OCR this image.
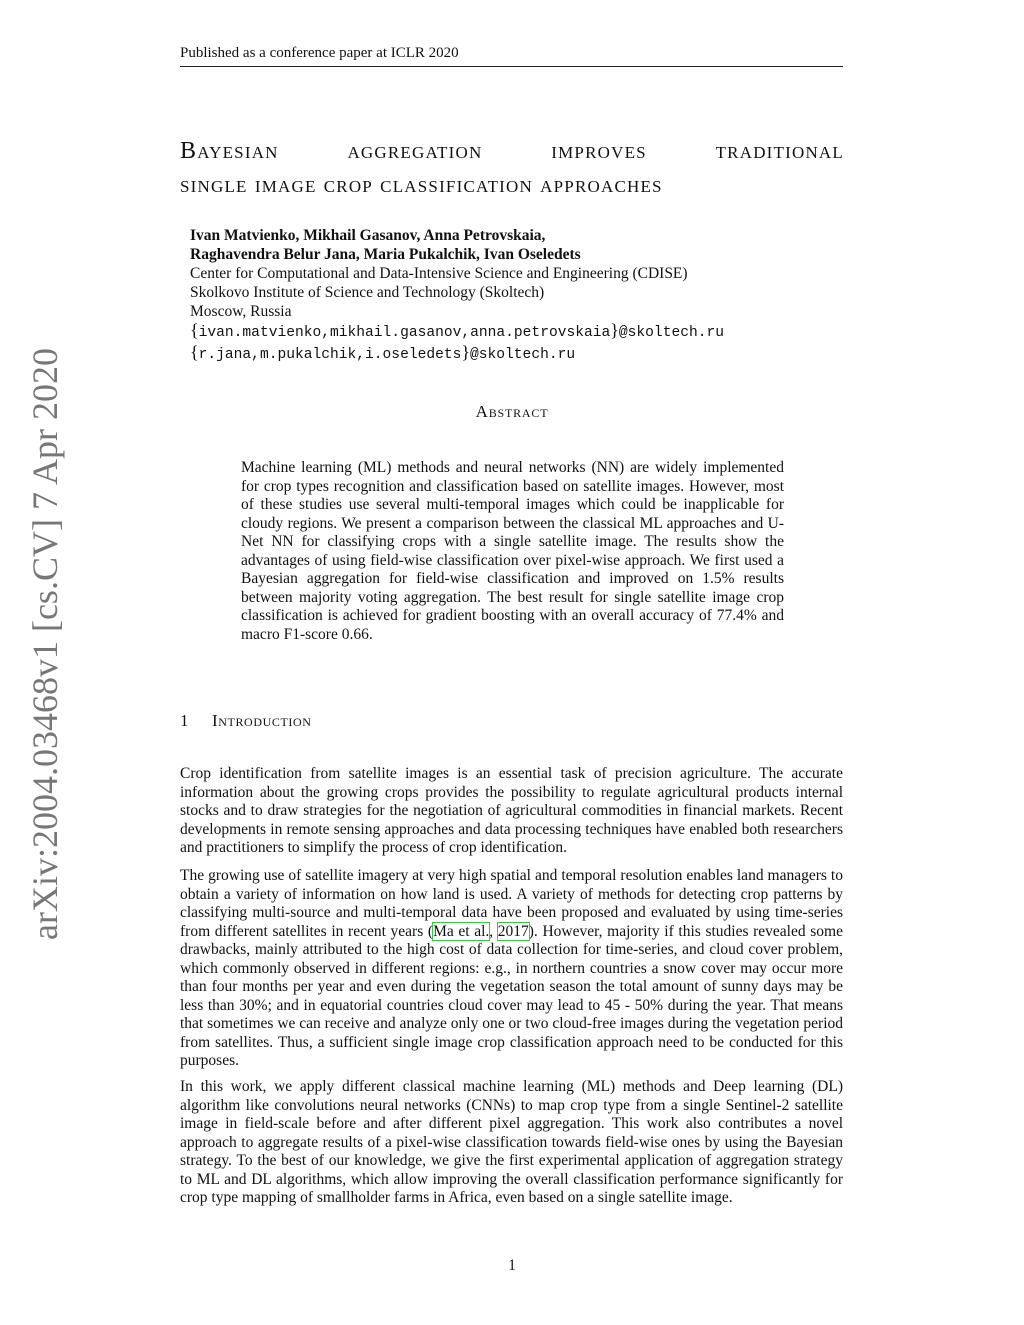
Published as a conference paper at ICLR 2020
arXiv:2004.03468v1 [cs.CV] 7 Apr 2020
Bayesian aggregation improves traditional
single image crop classification approaches
Ivan Matvienko, Mikhail Gasanov, Anna Petrovskaia,
Raghavendra Belur Jana, Maria Pukalchik, Ivan Oseledets
Center for Computational and Data-Intensive Science and Engineering (CDISE)
Skolkovo Institute of Science and Technology (Skoltech)
Moscow, Russia
{ivan.matvienko,mikhail.gasanov,anna.petrovskaia}@skoltech.ru
{r.jana,m.pukalchik,i.oseledets}@skoltech.ru
Abstract
Machine learning (ML) methods and neural networks (NN) are widely implemented for crop types recognition and classification based on satellite images. However, most of these studies use several multi-temporal images which could be inapplicable for cloudy regions. We present a comparison between the classical ML approaches and U-Net NN for classifying crops with a single satellite image. The results show the advantages of using field-wise classification over pixel-wise approach. We first used a Bayesian aggregation for field-wise classification and improved on 1.5% results between majority voting aggregation. The best result for single satellite image crop classification is achieved for gradient boosting with an overall accuracy of 77.4% and macro F1-score 0.66.
1 Introduction
Crop identification from satellite images is an essential task of precision agriculture. The accurate information about the growing crops provides the possibility to regulate agricultural products internal stocks and to draw strategies for the negotiation of agricultural commodities in financial markets. Recent developments in remote sensing approaches and data processing techniques have enabled both researchers and practitioners to simplify the process of crop identification.
The growing use of satellite imagery at very high spatial and temporal resolution enables land managers to obtain a variety of information on how land is used. A variety of methods for detecting crop patterns by classifying multi-source and multi-temporal data have been proposed and evaluated by using time-series from different satellites in recent years (Ma et al., 2017). However, majority if this studies revealed some drawbacks, mainly attributed to the high cost of data collection for time-series, and cloud cover problem, which commonly observed in different regions: e.g., in northern countries a snow cover may occur more than four months per year and even during the vegetation season the total amount of sunny days may be less than 30%; and in equatorial countries cloud cover may lead to 45 - 50% during the year. That means that sometimes we can receive and analyze only one or two cloud-free images during the vegetation period from satellites. Thus, a sufficient single image crop classification approach need to be conducted for this purposes.
In this work, we apply different classical machine learning (ML) methods and Deep learning (DL) algorithm like convolutions neural networks (CNNs) to map crop type from a single Sentinel-2 satellite image in field-scale before and after different pixel aggregation. This work also contributes a novel approach to aggregate results of a pixel-wise classification towards field-wise ones by using the Bayesian strategy. To the best of our knowledge, we give the first experimental application of aggregation strategy to ML and DL algorithms, which allow improving the overall classification performance significantly for crop type mapping of smallholder farms in Africa, even based on a single satellite image.
1
